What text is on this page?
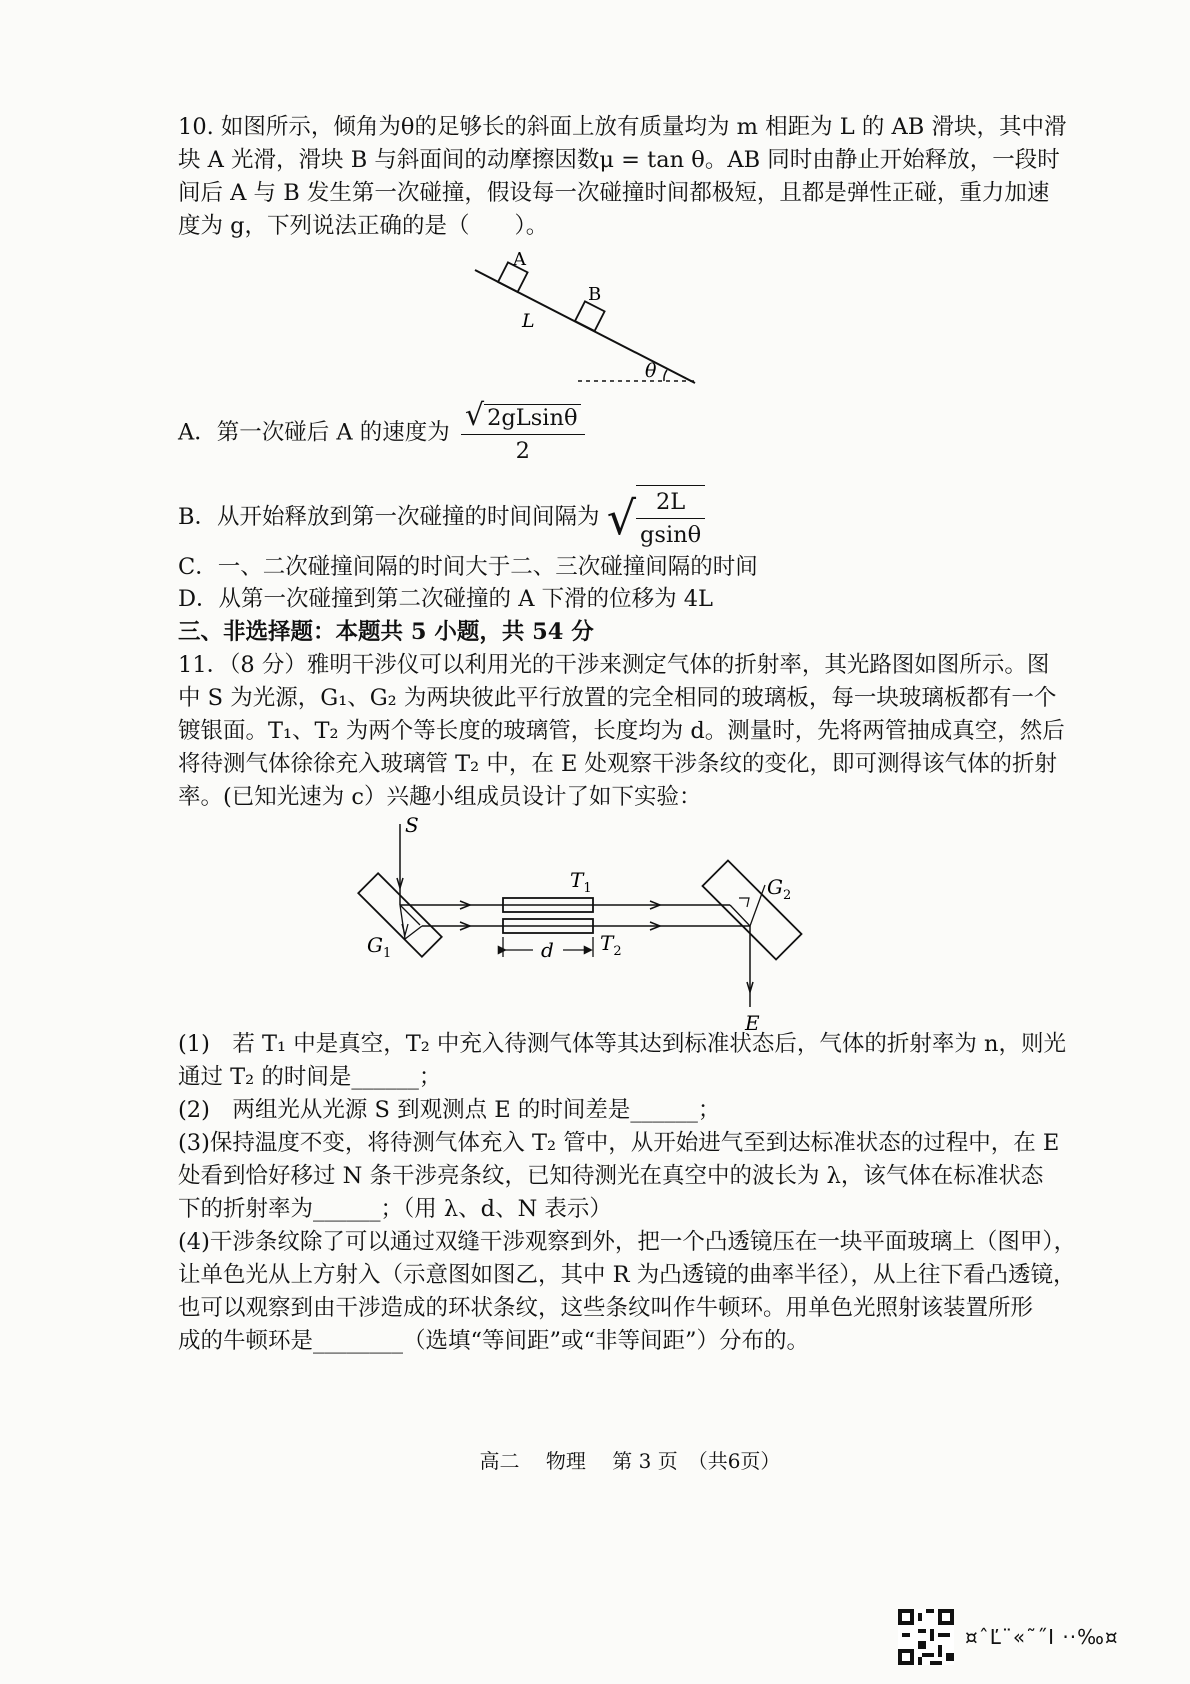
10. 如图所示，倾角为θ的足够长的斜面上放有质量均为 m 相距为 L 的 AB 滑块，其中滑
块 A 光滑，滑块 B 与斜面间的动摩擦因数μ = tan θ。AB 同时由静止开始释放，一段时
间后 A 与 B 发生第一次碰撞，假设每一次碰撞时间都极短，且都是弹性正碰，重力加速
度为 g，下列说法正确的是（　　）。
A
B
L
θ
A．第一次碰后 A 的速度为 $\frac{√ 2gLsin\theta}{2}$
B．从开始释放到第一次碰撞的时间间隔为 √ $\frac{2L}{gsin\theta}$
C．一、二次碰撞间隔的时间大于二、三次碰撞间隔的时间
D．从第一次碰撞到第二次碰撞的 A 下滑的位移为 4L
三、非选择题：本题共 5 小题，共 54 分
11．（8 分）雅明干涉仪可以利用光的干涉来测定气体的折射率，其光路图如图所示。图
中 S 为光源，G₁、G₂ 为两块彼此平行放置的完全相同的玻璃板，每一块玻璃板都有一个
镀银面。T₁、T₂ 为两个等长度的玻璃管，长度均为 d。测量时，先将两管抽成真空，然后
将待测气体徐徐充入玻璃管 T₂ 中，在 E 处观察干涉条纹的变化，即可测得该气体的折射
率。(已知光速为 c）兴趣小组成员设计了如下实验：
S
$G_1$
$G_2$
$T_1$
$T_2$
d
E
(1)　若 T₁ 中是真空，T₂ 中充入待测气体等其达到标准状态后，气体的折射率为 n，则光
通过 T₂ 的时间是______；
(2)　两组光从光源 S 到观测点 E 的时间差是______；
(3)保持温度不变，将待测气体充入 T₂ 管中，从开始进气至到达标准状态的过程中，在 E
处看到恰好移过 N 条干涉亮条纹，已知待测光在真空中的波长为 λ，该气体在标准状态
下的折射率为______；（用 λ、d、N 表示）
(4)干涉条纹除了可以通过双缝干涉观察到外，把一个凸透镜压在一块平面玻璃上（图甲），
让单色光从上方射入（示意图如图乙，其中 R 为凸透镜的曲率半径），从上往下看凸透镜，
也可以观察到由干涉造成的环状条纹，这些条纹叫作牛顿环。用单色光照射该装置所形
成的牛顿环是________（选填“等间距”或“非等间距”）分布的。
高二　 物理　 第 3 页　（共6页）
¤ˆĽ¨«˜˝Ι ··‰¤
